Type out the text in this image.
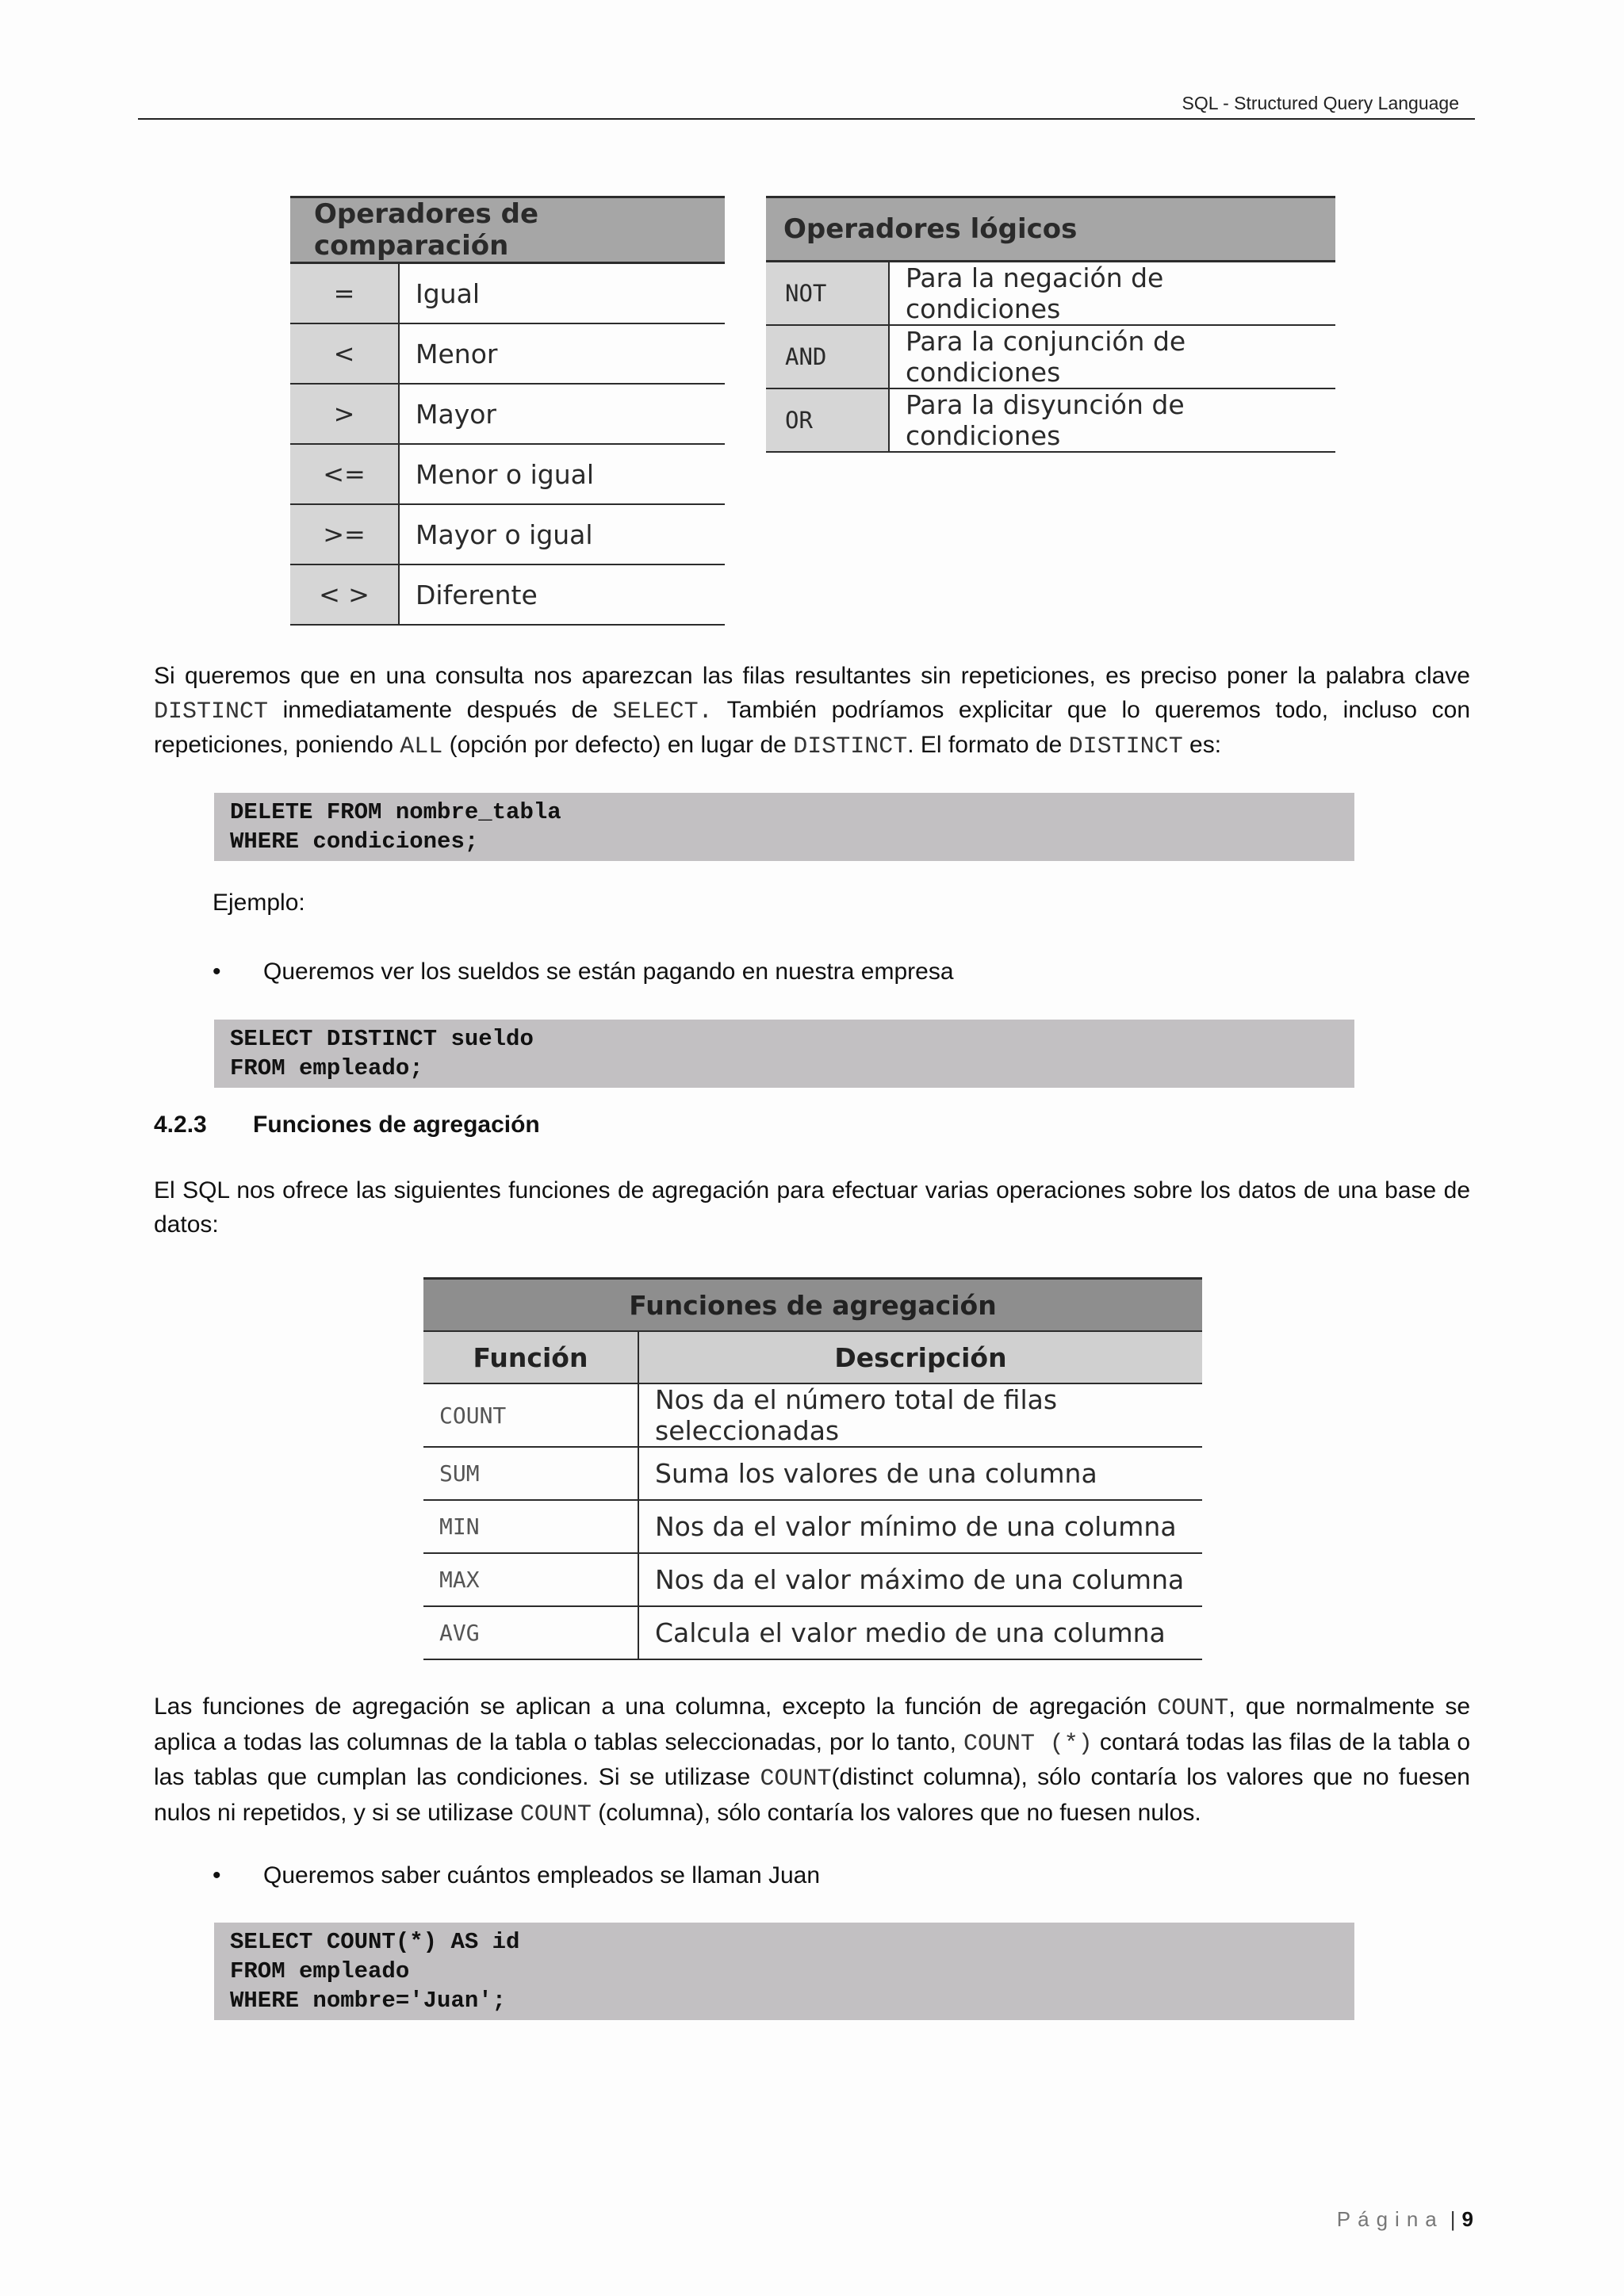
SQL - Structured Query Language
Operadores de comparación	
=	Igual
<	Menor
>	Mayor
<=	Menor o igual
>=	Mayor o igual
< >	Diferente
Operadores lógicos	
NOT	Para la negación de condiciones
AND	Para la conjunción de condiciones
OR	Para la disyunción de condiciones
Si queremos que en una consulta nos aparezcan las filas resultantes sin repeticiones, es preciso poner la palabra clave DISTINCT inmediatamente después de SELECT. También podríamos explicitar que lo queremos todo, incluso con repeticiones, poniendo ALL (opción por defecto) en lugar de DISTINCT. El formato de DISTINCT es:
DELETE FROM nombre_tabla
WHERE condiciones;
Ejemplo:
• Queremos ver los sueldos se están pagando en nuestra empresa
SELECT DISTINCT sueldo
FROM empleado;
4.2.3 Funciones de agregación
El SQL nos ofrece las siguientes funciones de agregación para efectuar varias operaciones sobre los datos de una base de datos:
Funciones de agregación	
Función	Descripción
COUNT	Nos da el número total de filas seleccionadas
SUM	Suma los valores de una columna
MIN	Nos da el valor mínimo de una columna
MAX	Nos da el valor máximo de una columna
AVG	Calcula el valor medio de una columna
Las funciones de agregación se aplican a una columna, excepto la función de agregación COUNT, que normalmente se aplica a todas las columnas de la tabla o tablas seleccionadas, por lo tanto, COUNT (*) contará todas las filas de la tabla o las tablas que cumplan las condiciones. Si se utilizase COUNT(distinct columna), sólo contaría los valores que no fuesen nulos ni repetidos, y si se utilizase COUNT (columna), sólo contaría los valores que no fuesen nulos.
• Queremos saber cuántos empleados se llaman Juan
SELECT COUNT(*) AS id
FROM empleado
WHERE nombre='Juan';
Página | 9
